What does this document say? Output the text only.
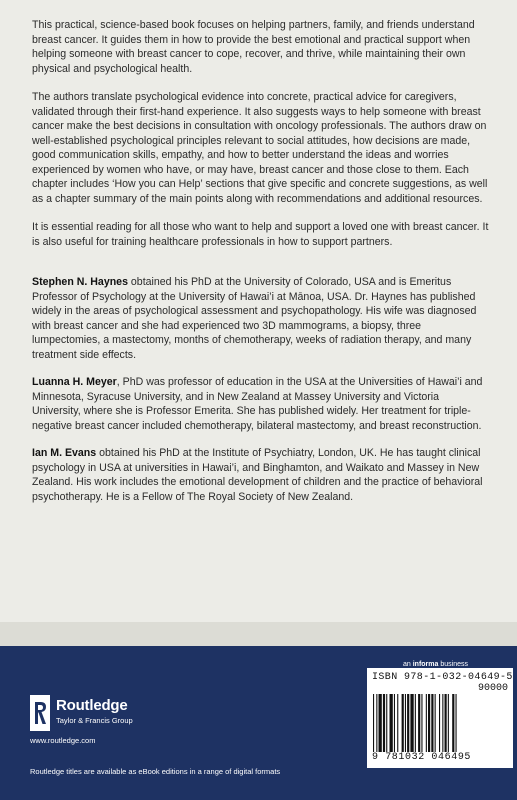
This practical, science-based book focuses on helping partners, family, and friends understand breast cancer. It guides them in how to provide the best emotional and practical support when helping someone with breast cancer to cope, recover, and thrive, while maintaining their own physical and psychological health.

The authors translate psychological evidence into concrete, practical advice for caregivers, validated through their first-hand experience. It also suggests ways to help someone with breast cancer make the best decisions in consultation with oncology professionals. The authors draw on well-established psychological principles relevant to social attitudes, how decisions are made, good communication skills, empathy, and how to better understand the ideas and worries experienced by women who have, or may have, breast cancer and those close to them. Each chapter includes ‘How you can Help’ sections that give specific and concrete suggestions, as well as a chapter summary of the main points along with recommendations and additional resources.

It is essential reading for all those who want to help and support a loved one with breast cancer. It is also useful for training healthcare professionals in how to support partners.

Stephen N. Haynes obtained his PhD at the University of Colorado, USA and is Emeritus Professor of Psychology at the University of Hawai’i at Mānoa, USA. Dr. Haynes has published widely in the areas of psychological assessment and psychopathology. His wife was diagnosed with breast cancer and she had experienced two 3D mammograms, a biopsy, three lumpectomies, a mastectomy, months of chemotherapy, weeks of radiation therapy, and many treatment side effects.

Luanna H. Meyer, PhD was professor of education in the USA at the Universities of Hawai’i and Minnesota, Syracuse University, and in New Zealand at Massey University and Victoria University, where she is Professor Emerita. She has published widely. Her treatment for triple-negative breast cancer included chemotherapy, bilateral mastectomy, and breast reconstruction.

Ian M. Evans obtained his PhD at the Institute of Psychiatry, London, UK. He has taught clinical psychology in USA at universities in Hawai’i, and Binghamton, and Waikato and Massey in New Zealand. His work includes the emotional development of children and the practice of behavioral psychotherapy. He is a Fellow of The Royal Society of New Zealand.

an informa business
Routledge
Taylor & Francis Group
www.routledge.com
Routledge titles are available as eBook editions in a range of digital formats
ISBN 978-1-032-04649-5
90000
9 781032 046495
